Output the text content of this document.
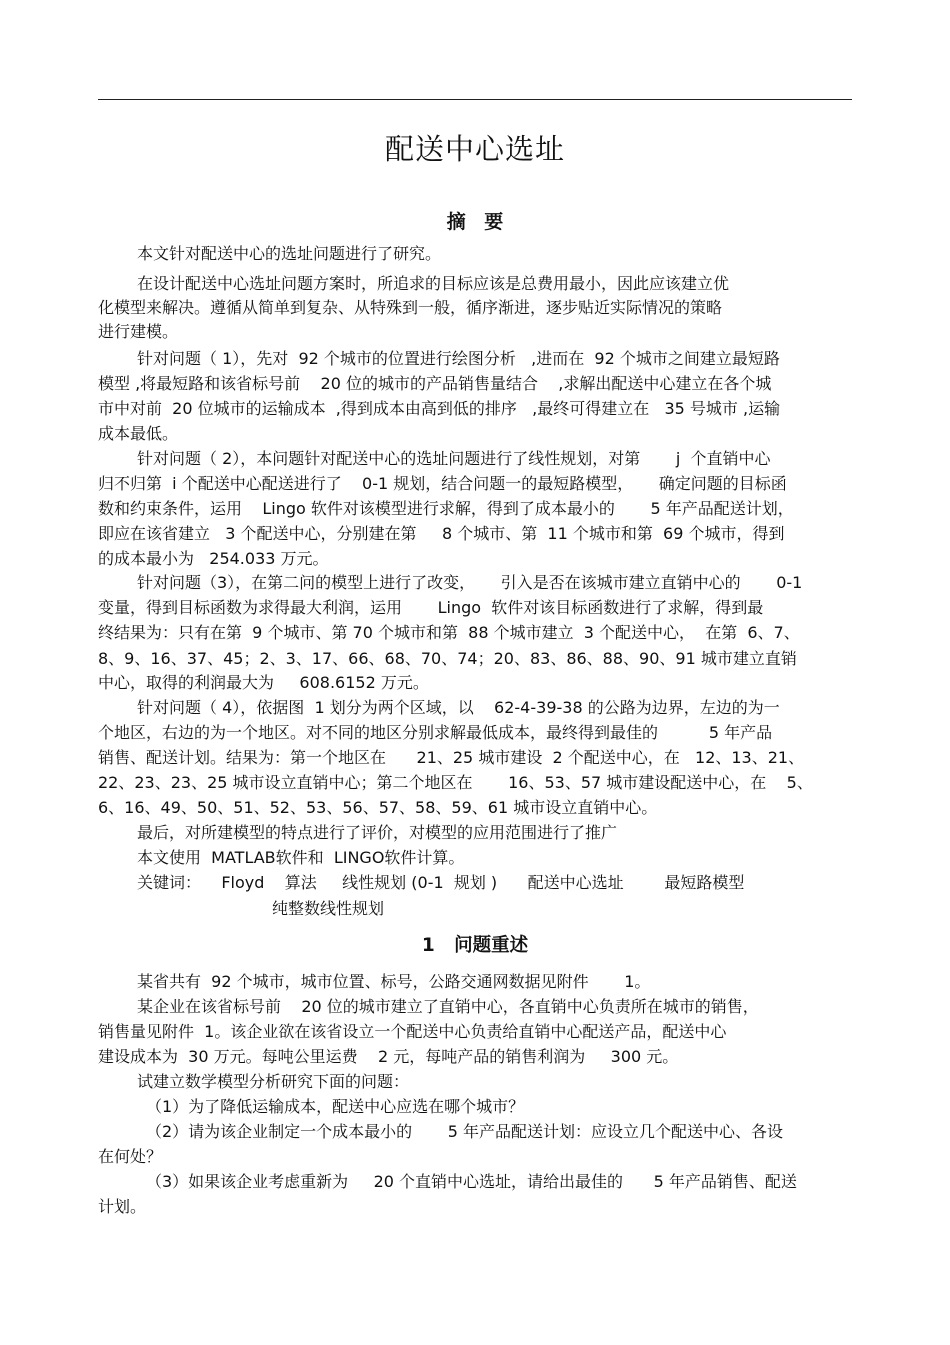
配送中心选址
摘 要

本文针对配送中心的选址问题进行了研究。

在设计配送中心选址问题方案时，所追求的目标应该是总费用最小，因此应该建立优

化模型来解决。遵循从简单到复杂、从特殊到一般，循序渐进，逐步贴近实际情况的策略

进行建模。

针对问题（ 1），先对  92 个城市的位置进行绘图分析   ,进而在  92 个城市之间建立最短路

模型 ,将最短路和该省标号前    20 位的城市的产品销售量结合    ,求解出配送中心建立在各个城

市中对前  20 位城市的运输成本  ,得到成本由高到低的排序   ,最终可得建立在   35 号城市 ,运输

成本最低。

针对问题（ 2），本问题针对配送中心的选址问题进行了线性规划，对第       j  个直销中心

归不归第  i 个配送中心配送进行了    0-1 规划，结合问题一的最短路模型，     确定问题的目标函

数和约束条件，运用    Lingo 软件对该模型进行求解，得到了成本最小的       5 年产品配送计划，

即应在该省建立   3 个配送中心，分别建在第     8 个城市、第  11 个城市和第  69 个城市，得到

的成本最小为   254.033 万元。

针对问题（3），在第二问的模型上进行了改变，     引入是否在该城市建立直销中心的       0-1

变量，得到目标函数为求得最大利润，运用       Lingo  软件对该目标函数进行了求解，得到最

终结果为：只有在第  9 个城市、第 70 个城市和第  88 个城市建立  3 个配送中心，  在第  6、7、

8、9、16、37、45；2、3、17、66、68、70、74；20、83、86、88、90、91 城市建立直销

中心，取得的利润最大为     608.6152 万元。

针对问题（ 4），依据图  1 划分为两个区域，以    62-4-39-38 的公路为边界，左边的为一

个地区，右边的为一个地区。对不同的地区分别求解最低成本，最终得到最佳的          5 年产品

销售、配送计划。结果为：第一个地区在      21、25 城市建设  2 个配送中心，在   12、13、21、

22、23、23、25 城市设立直销中心；第二个地区在       16、53、57 城市建设配送中心，在    5、

6、16、49、50、51、52、53、56、57、58、59、61 城市设立直销中心。

最后，对所建模型的特点进行了评价，对模型的应用范围进行了推广

本文使用  MATLAB软件和  LINGO软件计算。

关键词：    Floyd    算法     线性规划 (0-1  规划 )      配送中心选址        最短路模型

纯整数线性规划

1   问题重述

某省共有  92 个城市，城市位置、标号，公路交通网数据见附件       1。

某企业在该省标号前    20 位的城市建立了直销中心，各直销中心负责所在城市的销售，

销售量见附件  1。该企业欲在该省设立一个配送中心负责给直销中心配送产品，配送中心

建设成本为  30 万元。每吨公里运费    2 元，每吨产品的销售利润为     300 元。

试建立数学模型分析研究下面的问题：

（1）为了降低运输成本，配送中心应选在哪个城市？

（2）请为该企业制定一个成本最小的       5 年产品配送计划：应设立几个配送中心、各设

在何处？

（3）如果该企业考虑重新为     20 个直销中心选址，请给出最佳的      5 年产品销售、配送

计划。
